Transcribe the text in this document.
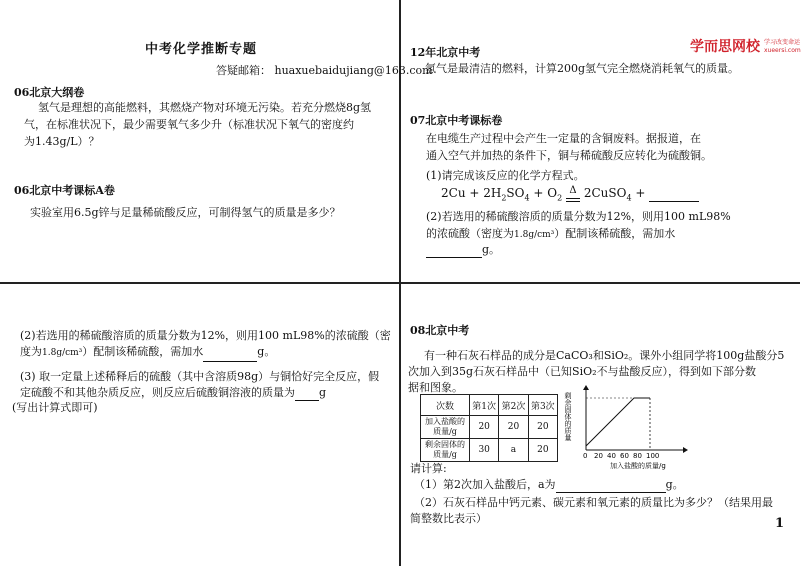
中考化学推断专题
答疑邮箱： huaxuebaidujiang@163.com
06北京大纲卷
氢气是理想的高能燃料，其燃烧产物对环境无污染。若充分燃烧8g氢
气，在标准状况下，最少需要氧气多少升（标准状况下氧气的密度约
为1.43g/L）？
06北京中考课标A卷
实验室用6.5g锌与足量稀硫酸反应，可制得氢气的质量是多少？
学而思网校 学习改变命运
xueersi.com
12年北京中考
氢气是最清洁的燃料，计算200g氢气完全燃烧消耗氧气的质量。
07北京中考课标卷
在电缆生产过程中会产生一定量的含铜废料。据报道，在
通入空气并加热的条件下，铜与稀硫酸反应转化为硫酸铜。
(1)请完成该反应的化学方程式。
$2Cu + 2H_2SO_4 + O_2$ $^\Delta$ 2CuSO$_4$ +
(2)若选用的稀硫酸溶质的质量分数为12%，则用100 mL98%
的浓硫酸（密度为1.8g/cm³）配制该稀硫酸，需加水
g。
(2)若选用的稀硫酸溶质的质量分数为12%，则用100 mL98%的浓硫酸（密
度为1.8g/cm³）配制该稀硫酸，需加水	g。
(3) 取一定量上述稀释后的硫酸（其中含溶质98g）与铜恰好完全反应，假
定硫酸不和其他杂质反应，则反应后硫酸铜溶液的质量为 g
(写出计算式即可)
08北京中考
有一种石灰石样品的成分是CaCO₃和SiO₂。课外小组同学将100g盐酸分5
次加入到35g石灰石样品中（已知SiO₂不与盐酸反应），得到如下部分数
据和图象。
次数	第1次	第2次	第3次
加入盐酸的质量/g	20	20	20
剩余固体的质量/g	30	a	20
剩余固体的质量
0 20 40 60 80 100
加入盐酸的质量/g
请计算:
（1）第2次加入盐酸后，a为	g。
（2）石灰石样品中钙元素、碳元素和氧元素的质量比为多少？（结果用最
简整数比表示）	1
